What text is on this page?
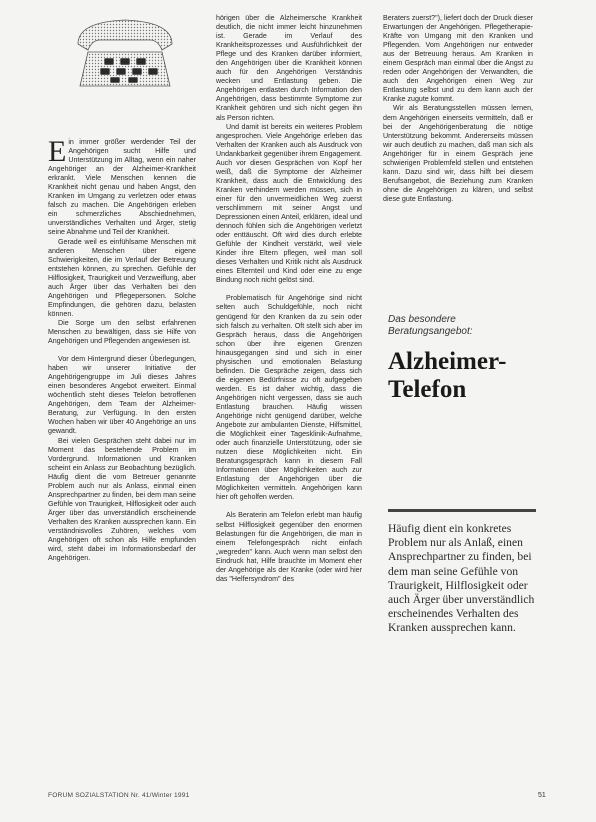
Ein immer größer werdender Teil der Angehörigen sucht Hilfe und Unterstützung im Alltag, wenn ein naher Angehöriger an der Alzheimer-Krankheit erkrankt. Viele Menschen kennen die Krankheit nicht genau und haben Angst, den Kranken im Umgang zu verletzen oder etwas falsch zu machen. Die Angehörigen erleben ein schmerzliches Abschiednehmen, unverständliches Verhalten und Ärger, stetig seine Abnahme und Teil der Krankheit.

Gerade weil es einfühlsame Menschen mit anderen Menschen über eigene Schwierigkeiten, die im Verlauf der Betreuung entstehen können, zu sprechen. Gefühle der Hilflosigkeit, Traurigkeit und Verzweiflung, aber auch Ärger über das Verhalten bei den Angehörigen und Pflegepersonen. Solche Empfindungen, die gehören dazu, belasten können.

Die Sorge um den selbst erfahrenen Menschen zu bewältigen, dass sie Hilfe von Angehörigen und Pflegenden angewiesen ist.

Vor dem Hintergrund dieser Überlegungen, haben wir unserer Initiative der Angehörigengruppe im Juli dieses Jahres einen besonderes Angebot erweitert. Einmal wöchentlich steht dieses Telefon betroffenen Angehörigen, dem Team der Alzheimer-Beratung, zur Verfügung. In den ersten Wochen haben wir über 40 Angehörige an uns gewandt.

Bei vielen Gesprächen steht dabei nur im Moment das bestehende Problem im Vordergrund. Informationen und Kranken scheint ein Anlass zur Beobachtung bezüglich. Häufig dient die vom Betreuer genannte Problem auch nur als Anlass, einmal einen Ansprechpartner zu finden, bei dem man seine Gefühle von Traurigkeit, Hilflosigkeit oder auch Ärger über das unverständlich erscheinende Verhalten des Kranken aussprechen kann. Ein verständnisvolles Zuhören, welches vom Angehörigen oft schon als Hilfe empfunden wird, steht dabei im Informationsbedarf der Angehörigen.

hörigen über die Alzheimersche Krankheit deutlich, die nicht immer leicht hinzunehmen ist. Gerade im Verlauf des Krankheitsprozesses und Ausführlichkeit der Pflege und des Kranken darüber informiert, den Angehörigen über die Krankheit können auch für den Angehörigen Verständnis wecken und Entlastung geben. Die Angehörigen entlasten durch Information den Angehörigen, dass bestimmte Symptome zur Krankheit gehören und sich nicht gegen ihn als Person richten.

Und damit ist bereits ein weiteres Problem angesprochen. Viele Angehörige erleben das Verhalten der Kranken auch als Ausdruck von Undankbarkeit gegenüber ihrem Engagement. Auch vor diesen Gesprächen von Kopf her weiß, daß die Symptome der Alzheimer Krankheit, dass auch die Entwicklung des Kranken verhindern werden müssen, sich in einer für den unvermeidlichen Weg zuerst verschlimmern mit seiner Angst und Depressionen einen Anteil, erklären, ideal und dennoch fühlen sich die Angehörigen verletzt oder enttäuscht. Oft wird dies durch erlebte Gefühle der Kindheit verstärkt, weil viele Kinder ihre Eltern pflegen, weil man soll dieses Verhalten und Kritik nicht als Ausdruck eines Elternteil und Kind oder eine zu enge Bindung noch nicht gelöst sind.

Problematisch für Angehörige sind nicht selten auch Schuldgefühle, noch nicht genügend für den Kranken da zu sein oder sich falsch zu verhalten. Oft stellt sich aber im Gespräch heraus, dass die Angehörigen schon über ihre eigenen Grenzen hinausgegangen sind und sich in einer physischen und emotionalen Belastung befinden. Die Gespräche zeigen, dass sich die eigenen Bedürfnisse zu oft aufgegeben werden. Es ist daher wichtig, dass die Angehörigen nicht vergessen, dass sie auch Entlastung brauchen. Häufig wissen Angehörige nicht genügend darüber, welche Angebote zur ambulanten Dienste, Hilfsmittel, die Möglichkeit einer Tagesklinik-Aufnahme, oder auch finanzielle Unterstützung, oder sie nutzen diese Möglichkeiten nicht. Ein Beratungsgespräch kann in diesem Fall Informationen über Möglichkeiten auch zur Entlastung der Angehörigen über die Möglichkeiten vermitteln. Angehörigen kann hier oft geholfen werden.

Als Beraterin am Telefon erlebt man häufig selbst Hilflosigkeit gegenüber den enormen Belastungen für die Angehörigen, die man in einem Telefongespräch nicht einfach „wegreden" kann. Auch wenn man selbst den Eindruck hat, Hilfe brauchte im Moment eher der Angehörige als der Kranke (oder wird hier das "Helfersyndrom" des

Beraters zuerst?"), liefert doch der Druck dieser Erwartungen der Angehörigen. Pflegetherapie-Kräfte von Umgang mit den Kranken und Pflegenden. Vom Angehörigen nur entweder aus der Betreuung heraus. Am Kranken in einem Gespräch man einmal über die Angst zu reden oder Angehörigen der Verwandten, die auch den Angehörigen einen Weg zur Entlastung selbst und zu dem kann auch der Kranke zugute kommt.

Wir als Beratungsstellen müssen lernen, dem Angehörigen einerseits vermitteln, daß er bei der Angehörigenberatung die nötige Unterstützung bekommt. Andererseits müssen wir auch deutlich zu machen, daß man sich als Angehöriger für in einem Gespräch jene schwierigen Problemfeld stellen und entstehen kann. Dazu sind wir, dass hilft bei diesem Berufsangebot, die Beziehung zum Kranken ohne die Angehörigen zu klären, und selbst diese gute Entlastung.

Das besondere Beratungsangebot:
Alzheimer-Telefon
Häufig dient ein konkretes Problem nur als Anlaß, einen Ansprechpartner zu finden, bei dem man seine Gefühle von Traurigkeit, Hilflosigkeit oder auch Ärger über unverständlich erscheinendes Verhalten des Kranken aussprechen kann.
FORUM SOZIALSTATION Nr. 41/Winter 1991	51
